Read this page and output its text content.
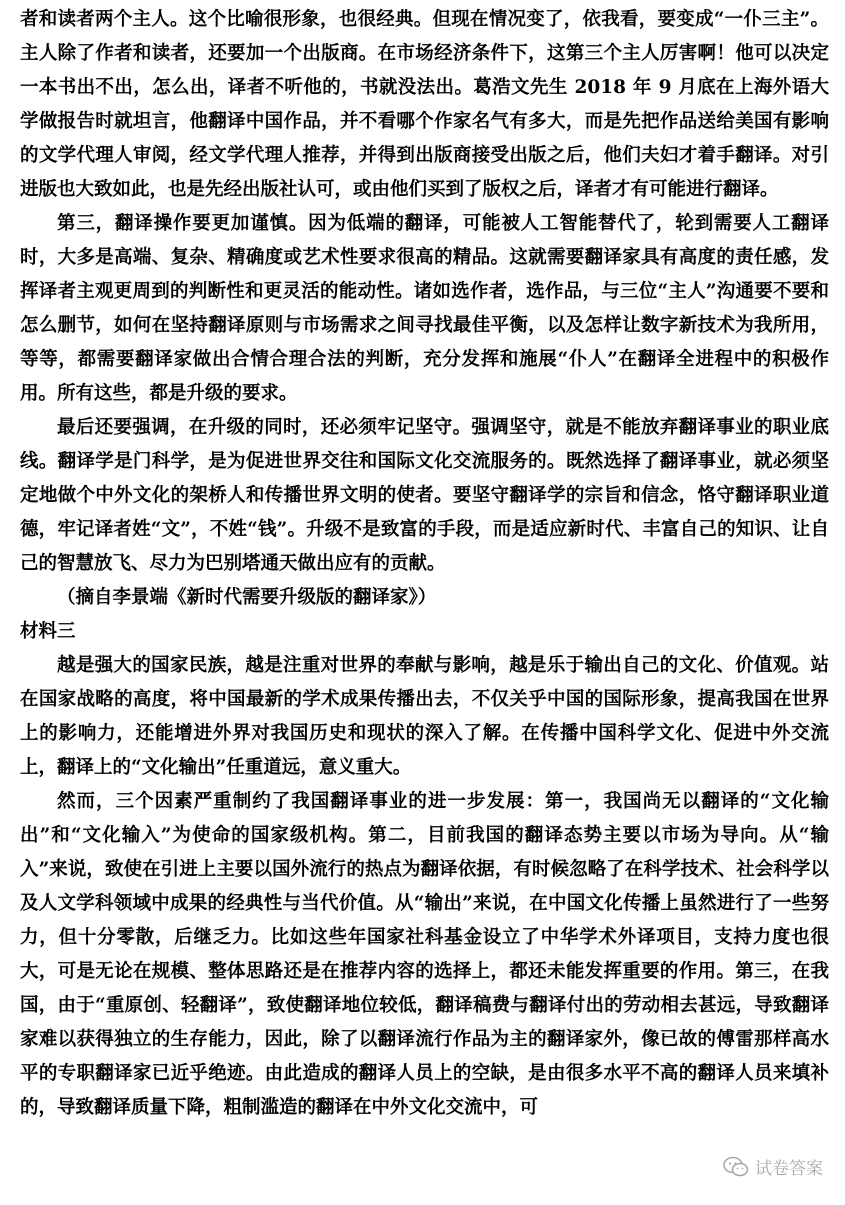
者和读者两个主人。这个比喻很形象，也很经典。但现在情况变了，依我看，要变成“一仆三主”。主人除了作者和读者，还要加一个出版商。在市场经济条件下，这第三个主人厉害啊！他可以决定一本书出不出，怎么出，译者不听他的，书就没法出。葛浩文先生 2018 年 9 月底在上海外语大学做报告时就坦言，他翻译中国作品，并不看哪个作家名气有多大，而是先把作品送给美国有影响的文学代理人审阅，经文学代理人推荐，并得到出版商接受出版之后，他们夫妇才着手翻译。对引进版也大致如此，也是先经出版社认可，或由他们买到了版权之后，译者才有可能进行翻译。

第三，翻译操作要更加谨慎。因为低端的翻译，可能被人工智能替代了，轮到需要人工翻译时，大多是高端、复杂、精确度或艺术性要求很高的精品。这就需要翻译家具有高度的责任感，发挥译者主观更周到的判断性和更灵活的能动性。诸如选作者，选作品，与三位“主人”沟通要不要和怎么删节，如何在坚持翻译原则与市场需求之间寻找最佳平衡，以及怎样让数字新技术为我所用，等等，都需要翻译家做出合情合理合法的判断，充分发挥和施展“仆人”在翻译全进程中的积极作用。所有这些，都是升级的要求。

最后还要强调，在升级的同时，还必须牢记坚守。强调坚守，就是不能放弃翻译事业的职业底线。翻译学是门科学，是为促进世界交往和国际文化交流服务的。既然选择了翻译事业，就必须坚定地做个中外文化的架桥人和传播世界文明的使者。要坚守翻译学的宗旨和信念，恪守翻译职业道德，牢记译者姓“文”，不姓“钱”。升级不是致富的手段，而是适应新时代、丰富自己的知识、让自己的智慧放飞、尽力为巴别塔通天做出应有的贡献。

（摘自李景端《新时代需要升级版的翻译家》）

材料三

越是强大的国家民族，越是注重对世界的奉献与影响，越是乐于输出自己的文化、价值观。站在国家战略的高度，将中国最新的学术成果传播出去，不仅关乎中国的国际形象，提高我国在世界上的影响力，还能增进外界对我国历史和现状的深入了解。在传播中国科学文化、促进中外交流上，翻译上的“文化输出”任重道远，意义重大。

然而，三个因素严重制约了我国翻译事业的进一步发展：第一，我国尚无以翻译的“文化输出”和“文化输入”为使命的国家级机构。第二，目前我国的翻译态势主要以市场为导向。从“输入”来说，致使在引进上主要以国外流行的热点为翻译依据，有时候忽略了在科学技术、社会科学以及人文学科领域中成果的经典性与当代价值。从“输出”来说，在中国文化传播上虽然进行了一些努力，但十分零散，后继乏力。比如这些年国家社科基金设立了中华学术外译项目，支持力度也很大，可是无论在规模、整体思路还是在推荐内容的选择上，都还未能发挥重要的作用。第三，在我国，由于“重原创、轻翻译”，致使翻译地位较低，翻译稿费与翻译付出的劳动相去甚远，导致翻译家难以获得独立的生存能力，因此，除了以翻译流行作品为主的翻译家外，像已故的傅雷那样高水平的专职翻译家已近乎绝迹。由此造成的翻译人员上的空缺，是由很多水平不高的翻译人员来填补的，导致翻译质量下降，粗制滥造的翻译在中外文化交流中，可

试卷答案
